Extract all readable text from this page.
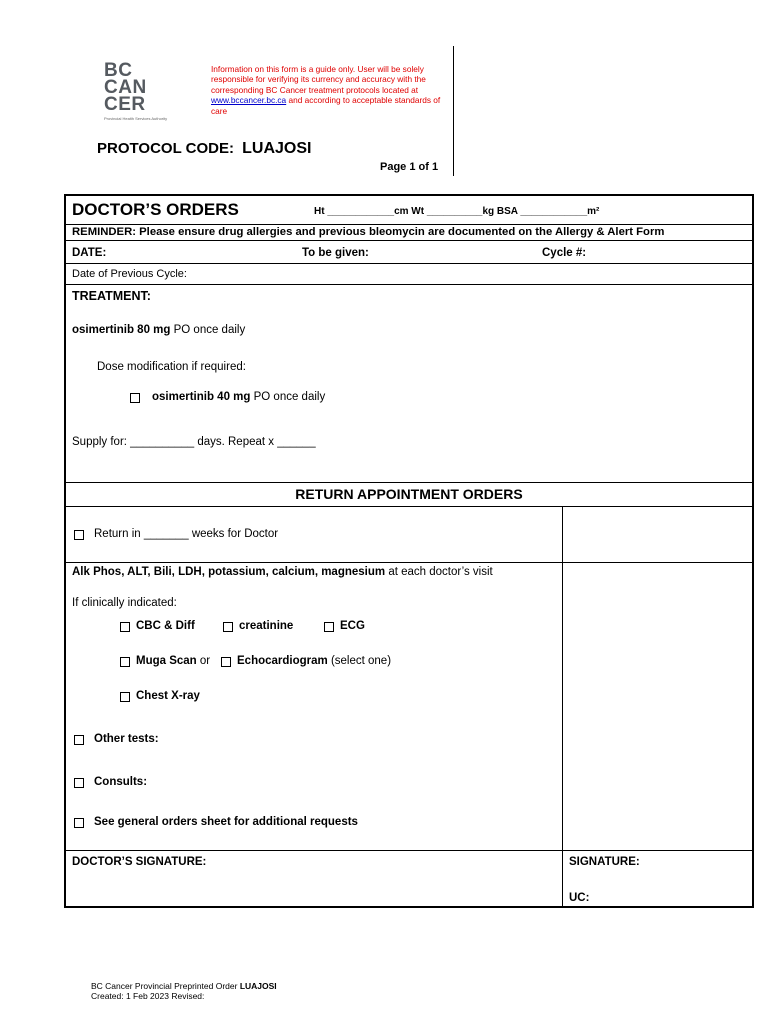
BC
CAN
CER
Provincial Health Services Authority
Information on this form is a guide only. User will be solely responsible for verifying its currency and accuracy with the corresponding BC Cancer treatment protocols located at www.bccancer.bc.ca and according to acceptable standards of care
PROTOCOL CODE: LUAJOSI
Page 1 of 1
DOCTOR’S ORDERS	Ht ____________cm Wt __________kg BSA ____________m²
REMINDER: Please ensure drug allergies and previous bleomycin are documented on the Allergy & Alert Form
DATE:	To be given:	Cycle #:
Date of Previous Cycle:
TREATMENT:
osimertinib 80 mg PO once daily
Dose modification if required:
osimertinib 40 mg PO once daily
Supply for: __________ days. Repeat x ______
RETURN APPOINTMENT ORDERS
Return in _______ weeks for Doctor
Alk Phos, ALT, Bili, LDH, potassium, calcium, magnesium at each doctor’s visit
If clinically indicated:
CBC & Diff	creatinine	ECG
Muga Scan or Echocardiogram (select one)
Chest X-ray
Other tests:
Consults:
See general orders sheet for additional requests
DOCTOR’S SIGNATURE:	SIGNATURE:
UC:
BC Cancer Provincial Preprinted Order LUAJOSI
Created: 1 Feb 2023 Revised:
